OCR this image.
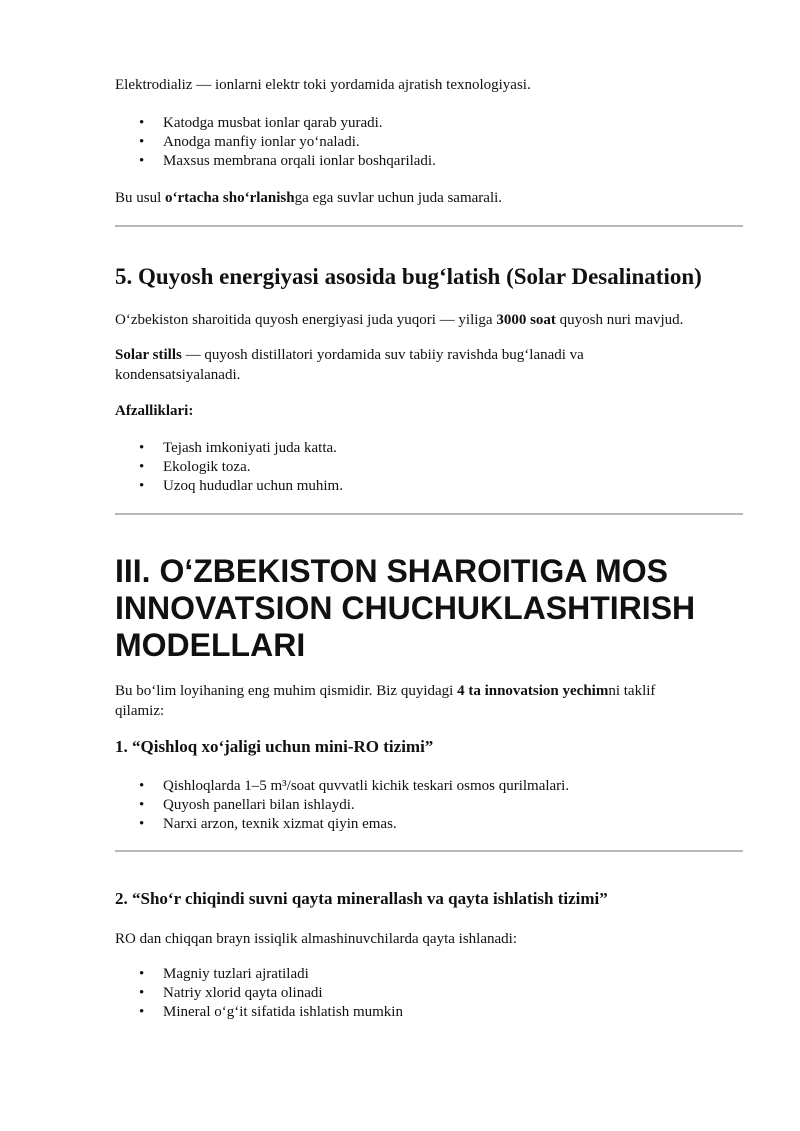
Elektrodializ — ionlarni elektr toki yordamida ajratish texnologiyasi.

• Katodga musbat ionlar qarab yuradi.
• Anodga manfiy ionlar yo‘naladi.
• Maxsus membrana orqali ionlar boshqariladi.

Bu usul o‘rtacha sho‘rlanishga ega suvlar uchun juda samarali.

5. Quyosh energiyasi asosida bug‘latish (Solar Desalination)

O‘zbekiston sharoitida quyosh energiyasi juda yuqori — yiliga 3000 soat quyosh nuri mavjud.

Solar stills — quyosh distillatori yordamida suv tabiiy ravishda bug‘lanadi va kondensatsiyalanadi.

Afzalliklari:

• Tejash imkoniyati juda katta.
• Ekologik toza.
• Uzoq hududlar uchun muhim.
III. O‘ZBEKISTON SHAROITIGA MOS INNOVATSION CHUCHUKLASHTIRISH MODELLARI

Bu bo‘lim loyihaning eng muhim qismidir. Biz quyidagi 4 ta innovatsion yechimni taklif qilamiz:

1. “Qishloq xo‘jaligi uchun mini-RO tizimi”
• Qishloqlarda 1–5 m³/soat quvvatli kichik teskari osmos qurilmalari.
• Quyosh panellari bilan ishlaydi.
• Narxi arzon, texnik xizmat qiyin emas.
2. “Sho‘r chiqindi suvni qayta minerallash va qayta ishlatish tizimi”

RO dan chiqqan brayn issiqlik almashinuvchilarda qayta ishlanadi:

• Magniy tuzlari ajratiladi
• Natriy xlorid qayta olinadi
• Mineral o‘g‘it sifatida ishlatish mumkin
